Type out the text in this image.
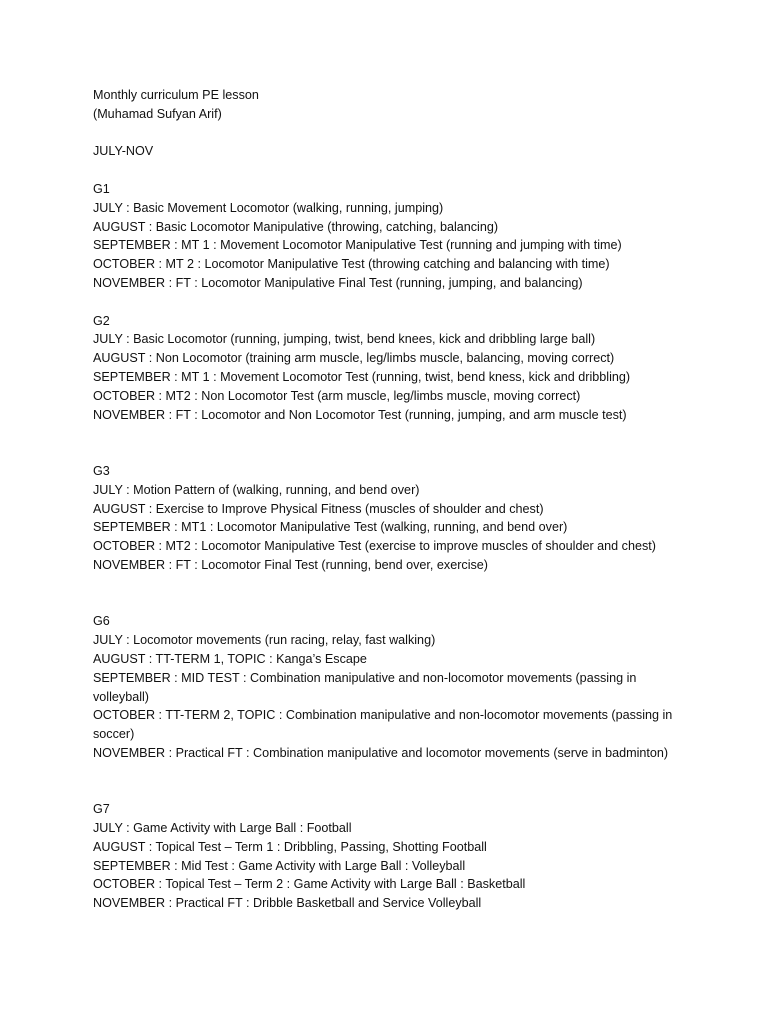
Monthly curriculum PE lesson

(Muhamad Sufyan Arif)

JULY-NOV

G1

JULY : Basic Movement Locomotor (walking, running, jumping)

AUGUST : Basic Locomotor Manipulative (throwing, catching, balancing)

SEPTEMBER : MT 1 : Movement Locomotor Manipulative Test (running and jumping with time)

OCTOBER : MT 2 : Locomotor Manipulative Test (throwing catching and balancing with time)

NOVEMBER : FT : Locomotor Manipulative Final Test (running, jumping, and balancing)

G2

JULY : Basic Locomotor (running, jumping, twist, bend knees, kick and dribbling large ball)

AUGUST : Non Locomotor (training arm muscle, leg/limbs muscle, balancing, moving correct)

SEPTEMBER : MT 1 : Movement Locomotor Test (running, twist, bend kness, kick and dribbling)

OCTOBER : MT2 : Non Locomotor Test (arm muscle, leg/limbs muscle, moving correct)

NOVEMBER : FT : Locomotor and Non Locomotor Test (running, jumping, and arm muscle test)

G3

JULY : Motion Pattern of (walking, running, and bend over)

AUGUST : Exercise to Improve Physical Fitness (muscles of shoulder and chest)

SEPTEMBER : MT1 : Locomotor Manipulative Test (walking, running, and bend over)

OCTOBER : MT2 : Locomotor Manipulative Test (exercise to improve muscles of shoulder and chest)

NOVEMBER : FT : Locomotor Final Test (running, bend over, exercise)

G6

JULY : Locomotor movements (run racing, relay, fast walking)

AUGUST : TT-TERM 1, TOPIC : Kanga’s Escape

SEPTEMBER : MID TEST : Combination manipulative and non-locomotor movements (passing in volleyball)

OCTOBER : TT-TERM 2, TOPIC : Combination manipulative and non-locomotor movements (passing in soccer)

NOVEMBER : Practical FT : Combination manipulative and locomotor movements (serve in badminton)

G7

JULY : Game Activity with Large Ball : Football

AUGUST : Topical Test – Term 1 : Dribbling, Passing, Shotting Football

SEPTEMBER : Mid Test : Game Activity with Large Ball : Volleyball

OCTOBER : Topical Test – Term 2 : Game Activity with Large Ball : Basketball

NOVEMBER : Practical FT : Dribble Basketball and Service Volleyball
